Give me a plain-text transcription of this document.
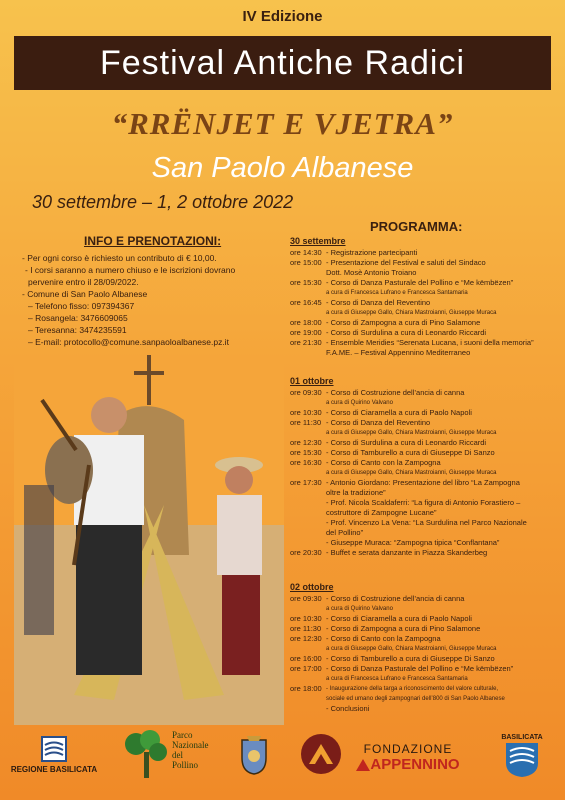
IV Edizione
Festival Antiche Radici
“RRËNJET E VJETRA”
San Paolo Albanese
30 settembre – 1, 2 ottobre 2022
INFO E PRENOTAZIONI:
- Per ogni corso è richiesto un contributo di € 10,00.
- I corsi saranno a numero chiuso e le iscrizioni dovrano
pervenire entro il 28/09/2022.
- Comune di San Paolo Albanese
– Telefono fisso: 097394367
– Rosangela: 3476609065
– Teresanna: 3474235591
– E-mail: protocollo@comune.sanpaoloalbanese.pz.it
PROGRAMMA:
30 settembre
ore 14:30 - Registrazione partecipanti
ore 15:00 - Presentazione del Festival e saluti del Sindaco
Dott. Mosè Antonio Troiano
ore 15:30 - Corso di Danza Pasturale del Pollino e “Me këmbëzen”
a cura di Francesca Lufrano e Francesca Santamaria
ore 16:45 - Corso di Danza del Reventino
a cura di Giuseppe Gallo, Chiara Mastroianni, Giuseppe Muraca
ore 18:00 - Corso di Zampogna a cura di Pino Salamone
ore 19:00 - Corso di Surdulina a cura di Leonardo Riccardi
ore 21:30 - Ensemble Meridies “Serenata Lucana, i suoni della memoria”
F.A.ME. – Festival Appennino Mediterraneo
01 ottobre
ore 09:30 - Corso di Costruzione dell’ancia di canna
a cura di Quirino Valvano
ore 10:30 - Corso di Ciaramella a cura di Paolo Napoli
ore 11:30 - Corso di Danza del Reventino
a cura di Giuseppe Gallo, Chiara Mastroianni, Giuseppe Muraca
ore 12:30 - Corso di Surdulina a cura di Leonardo Riccardi
ore 15:30 - Corso di Tamburello a cura di Giuseppe Di Sanzo
ore 16:30 - Corso di Canto con la Zampogna
a cura di Giuseppe Gallo, Chiara Mastroianni, Giuseppe Muraca
ore 17:30 - Antonio Giordano: Presentazione del libro “La Zampogna
oltre la tradizione”
- Prof. Nicola Scaldaferri: “La figura di Antonio Forastiero –
costruttore di Zampogne Lucane”
- Prof. Vincenzo La Vena: “La Surdulina nel Parco Nazionale
del Pollino”
- Giuseppe Muraca: “Zampogna tipica “Conflantana”
ore 20:30 - Buffet e serata danzante in Piazza Skanderbeg
02 ottobre
ore 09:30 - Corso di Costruzione dell’ancia di canna
a cura di Quirino Valvano
ore 10:30 - Corso di Ciaramella a cura di Paolo Napoli
ore 11:30 - Corso di Zampogna a cura di Pino Salamone
ore 12:30 - Corso di Canto con la Zampogna
a cura di Giuseppe Gallo, Chiara Mastroianni, Giuseppe Muraca
ore 16:00 - Corso di Tamburello a cura di Giuseppe Di Sanzo
ore 17:00 - Corso di Danza Pasturale del Pollino e “Me këmbëzen”
a cura di Francesca Lufrano e Francesca Santamaria
ore 18:00 - Inaugurazione della targa a riconoscimento del valore culturale,
sociale ed umano degli zampognari dell’800 di San Paolo Albanese
- Conclusioni
REGIONE BASILICATA
Parco
Nazionale
del
Pollino
FONDAZIONE
APPENNINO
BASILICATA
